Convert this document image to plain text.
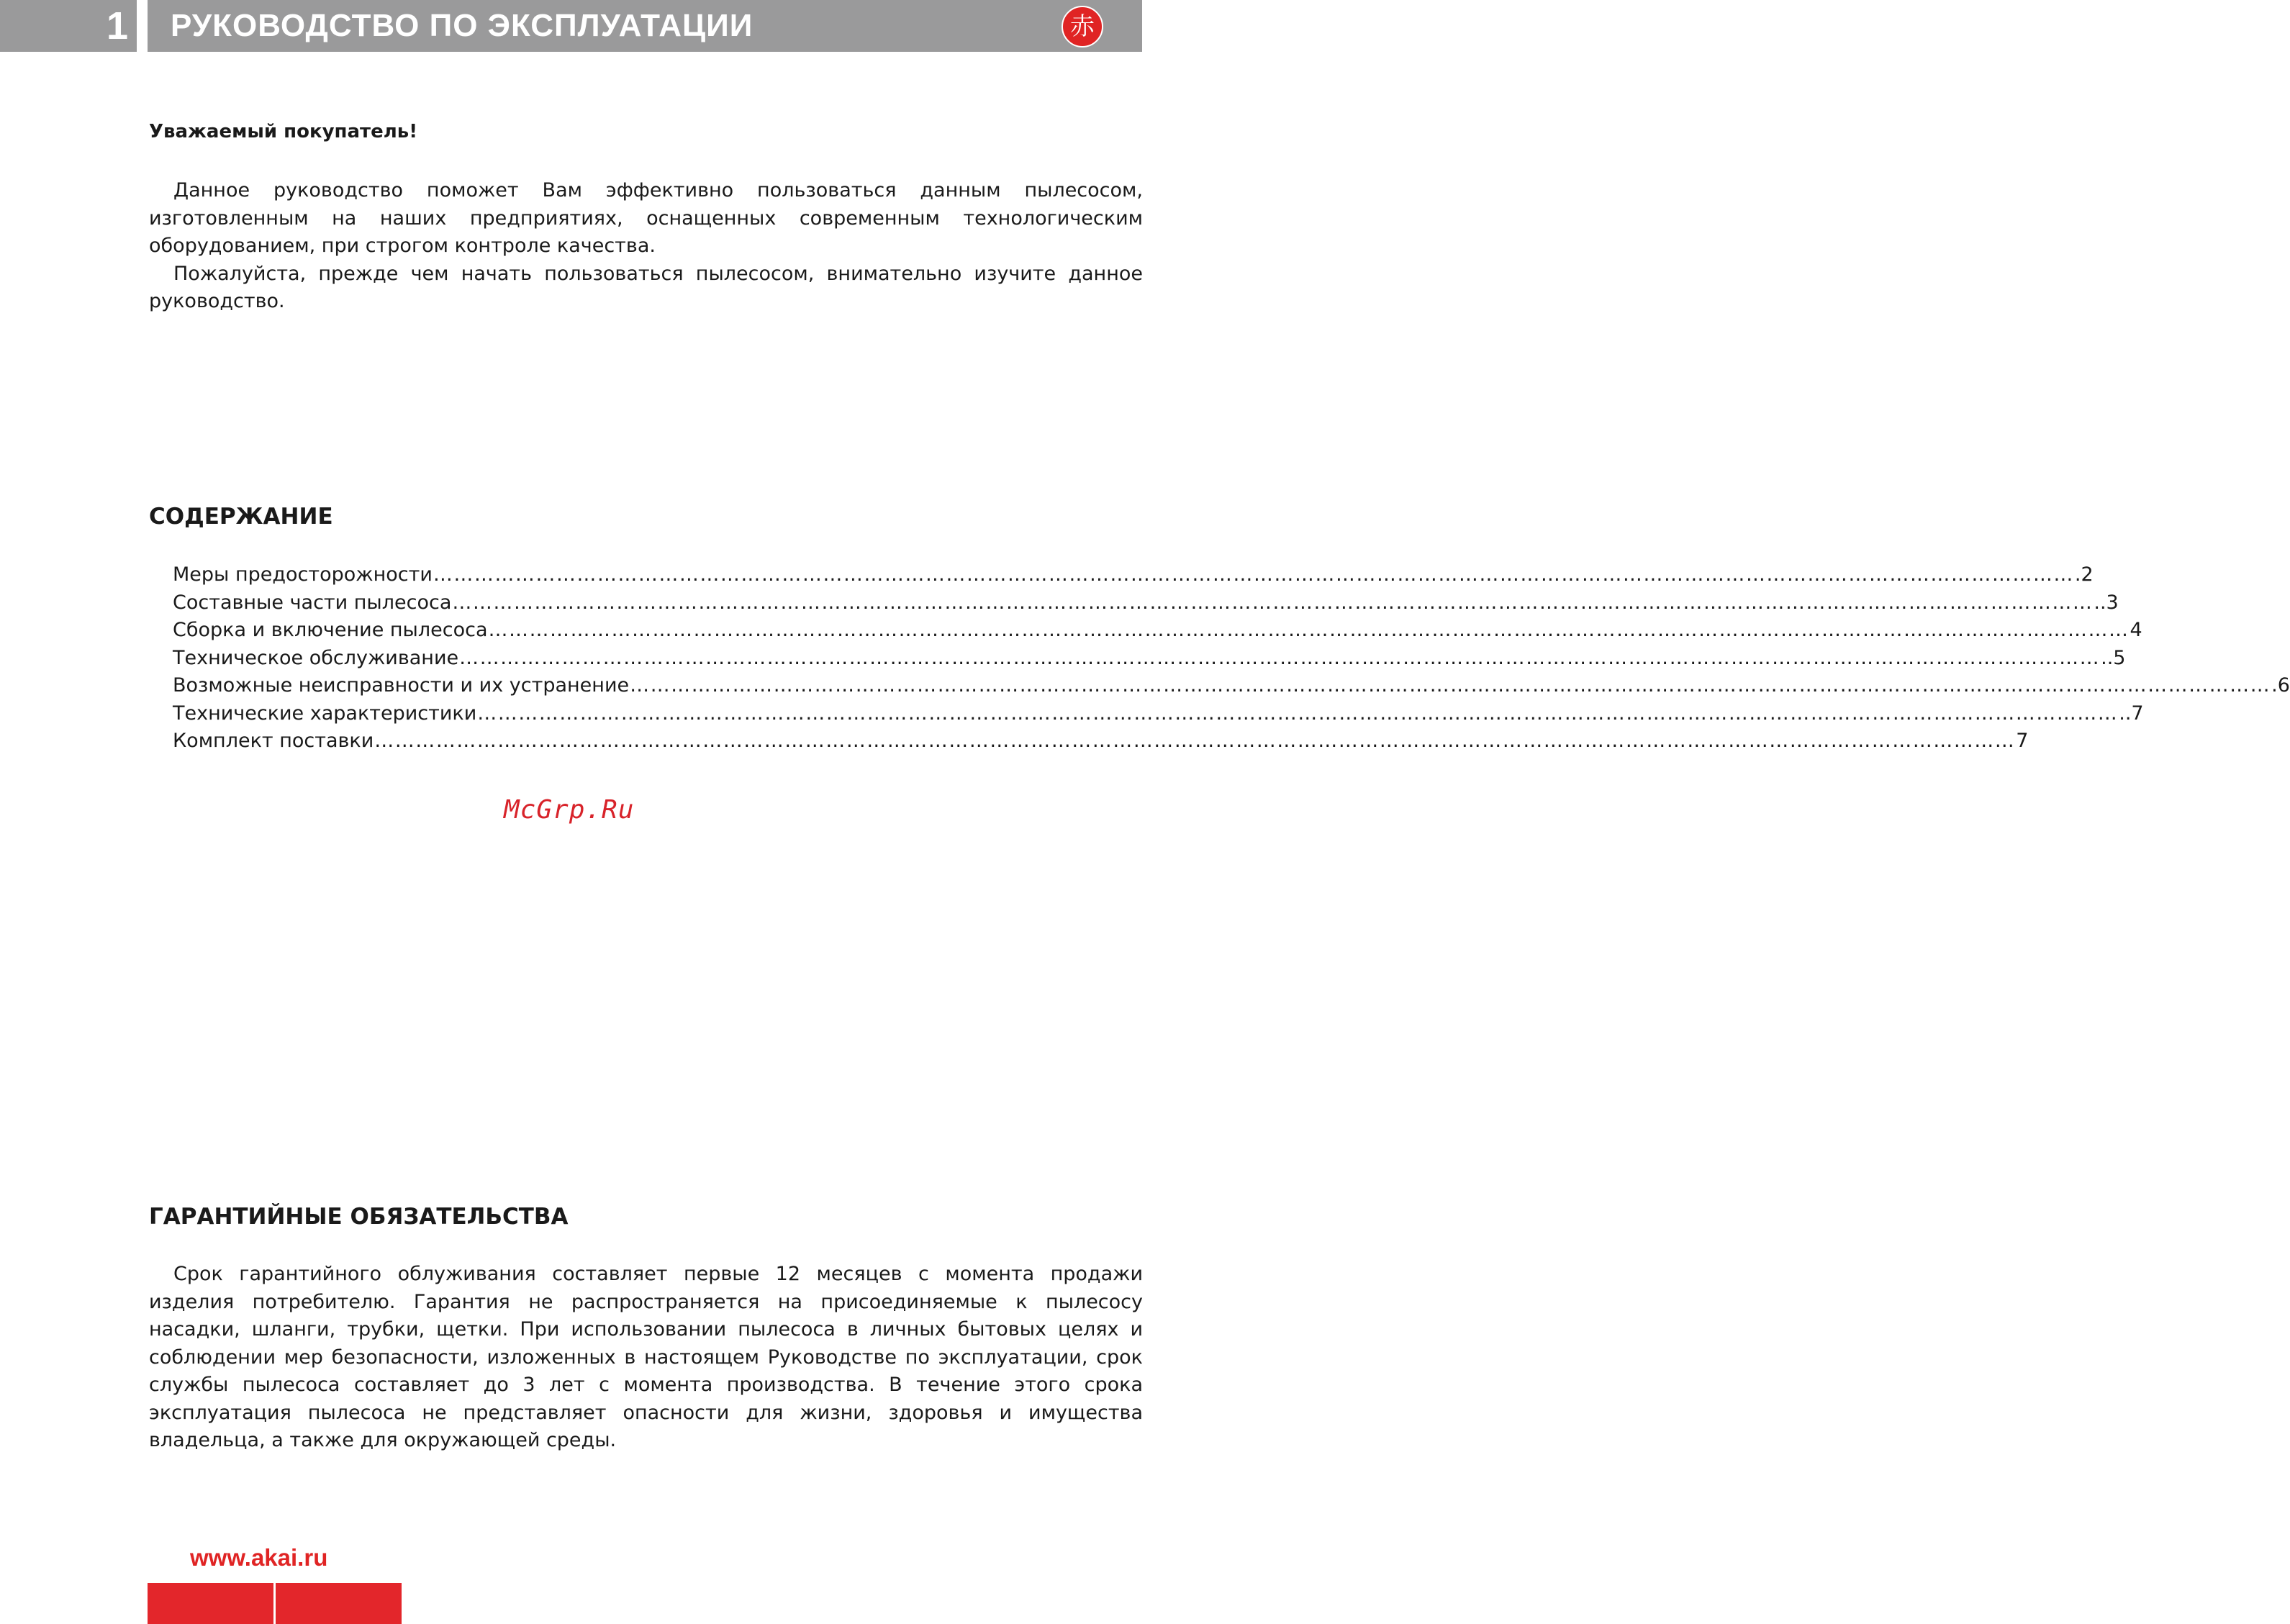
1 РУКОВОДСТВО ПО ЭКСПЛУАТАЦИИ	赤
Уважаемый покупатель!

Данное руководство поможет Вам эффективно пользоваться данным пылесосом, изготовленным на наших предприятиях, оснащенных современным технологическим оборудованием, при строгом контроле качества.

Пожалуйста, прежде чем начать пользоваться пылесосом, внимательно изучите данное руководство.

СОДЕРЖАНИЕ
Меры предосторожности …………………………………………………………………………………………………………………………………………………………………………………………………………………… .2
Составные части пылесоса …………………………………………………………………………………………………………………………………………………………………………………………………………………… ..3
Сборка и включение пылесоса …………………………………………………………………………………………………………………………………………………………………………………………………………………… 4
Техническое обслуживание …………………………………………………………………………………………………………………………………………………………………………………………………………………… ..5
Возможные неисправности и их устранение …………………………………………………………………………………………………………………………………………………………………………………………………………………… .6
Технические характеристики …………………………………………………………………………………………………………………………………………………………………………………………………………………… ..7
Комплект поставки …………………………………………………………………………………………………………………………………………………………………………………………………………………… 7
McGrp.Ru
ГАРАНТИЙНЫЕ ОБЯЗАТЕЛЬСТВА

Срок гарантийного облуживания составляет первые 12 месяцев с момента продажи изделия потребителю. Гарантия не распространяется на присоединяемые к пылесосу насадки, шланги, трубки, щетки. При использовании пылесоса в личных бытовых целях и соблюдении мер безопасности, изложенных в настоящем Руководстве по эксплуатации, срок службы пылесоса составляет до 3 лет с момента производства. В течение этого срока эксплуатация пылесоса не представляет опасности для жизни, здоровья и имущества владельца, а также для окружающей среды.

www.akai.ru
